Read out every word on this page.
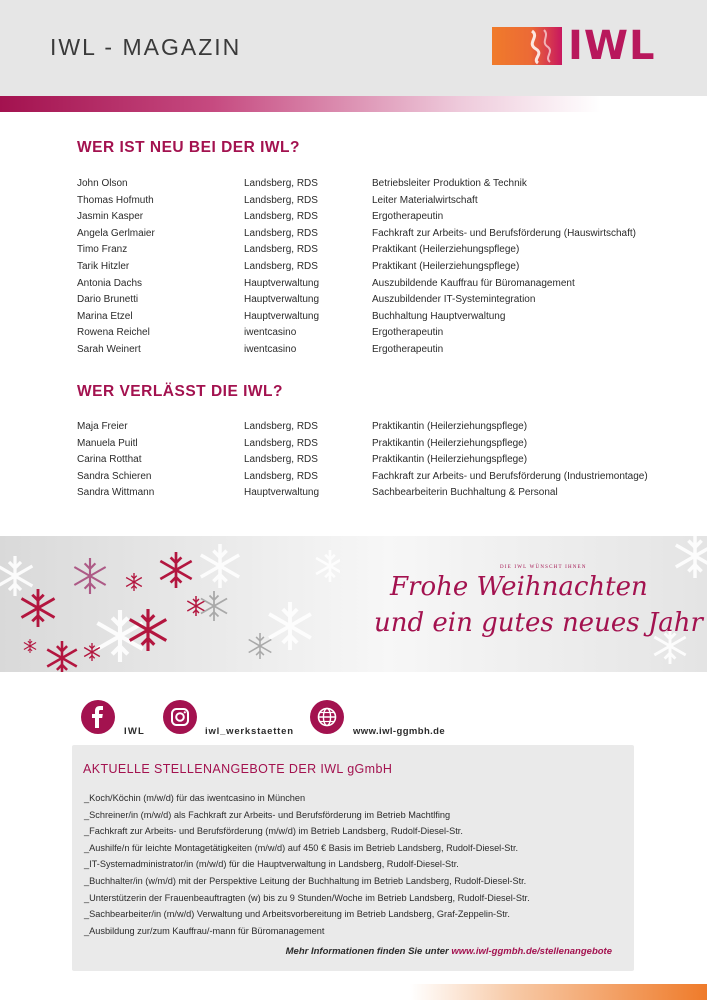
IWL - MAGAZIN	IWL
WER IST NEU BEI DER IWL?
John Olson	Landsberg, RDS	Betriebsleiter Produktion & Technik
Thomas Hofmuth	Landsberg, RDS	Leiter Materialwirtschaft
Jasmin Kasper	Landsberg, RDS	Ergotherapeutin
Angela Gerlmaier	Landsberg, RDS	Fachkraft zur Arbeits- und Berufsförderung (Hauswirtschaft)
Timo Franz	Landsberg, RDS	Praktikant (Heilerziehungspflege)
Tarik Hitzler	Landsberg, RDS	Praktikant (Heilerziehungspflege)
Antonia Dachs	Hauptverwaltung	Auszubildende Kauffrau für Büromanagement
Dario Brunetti	Hauptverwaltung	Auszubildender IT-Systemintegration
Marina Etzel	Hauptverwaltung	Buchhaltung Hauptverwaltung
Rowena Reichel	iwentcasino	Ergotherapeutin
Sarah Weinert	iwentcasino	Ergotherapeutin
WER VERLÄSST DIE IWL?
Maja Freier	Landsberg, RDS	Praktikantin (Heilerziehungspflege)
Manuela Puitl	Landsberg, RDS	Praktikantin (Heilerziehungspflege)
Carina Rotthat	Landsberg, RDS	Praktikantin (Heilerziehungspflege)
Sandra Schieren	Landsberg, RDS	Fachkraft zur Arbeits- und Berufsförderung (Industriemontage)
Sandra Wittmann	Hauptverwaltung	Sachbearbeiterin Buchhaltung & Personal
DIE IWL WÜNSCHT IHNEN
Frohe Weihnachten
und ein gutes neues Jahr
IWL	iwl_werkstaetten	www.iwl-ggmbh.de
AKTUELLE STELLENANGEBOTE DER IWL gGmbH
_Koch/Köchin (m/w/d) für das iwentcasino in München
_Schreiner/in (m/w/d) als Fachkraft zur Arbeits- und Berufsförderung im Betrieb Machtlfing
_Fachkraft zur Arbeits- und Berufsförderung (m/w/d) im Betrieb Landsberg, Rudolf-Diesel-Str.
_Aushilfe/n für leichte Montagetätigkeiten (m/w/d) auf 450 € Basis im Betrieb Landsberg, Rudolf-Diesel-Str.
_IT-Systemadministrator/in (m/w/d) für die Hauptverwaltung in Landsberg, Rudolf-Diesel-Str.
_Buchhalter/in (w/m/d) mit der Perspektive Leitung der Buchhaltung im Betrieb Landsberg, Rudolf-Diesel-Str.
_Unterstützerin der Frauenbeauftragten (w) bis zu 9 Stunden/Woche im Betrieb Landsberg, Rudolf-Diesel-Str.
_Sachbearbeiter/in (m/w/d) Verwaltung und Arbeitsvorbereitung im Betrieb Landsberg, Graf-Zeppelin-Str.
_Ausbildung zur/zum Kauffrau/-mann für Büromanagement
Mehr Informationen finden Sie unter www.iwl-ggmbh.de/stellenangebote
